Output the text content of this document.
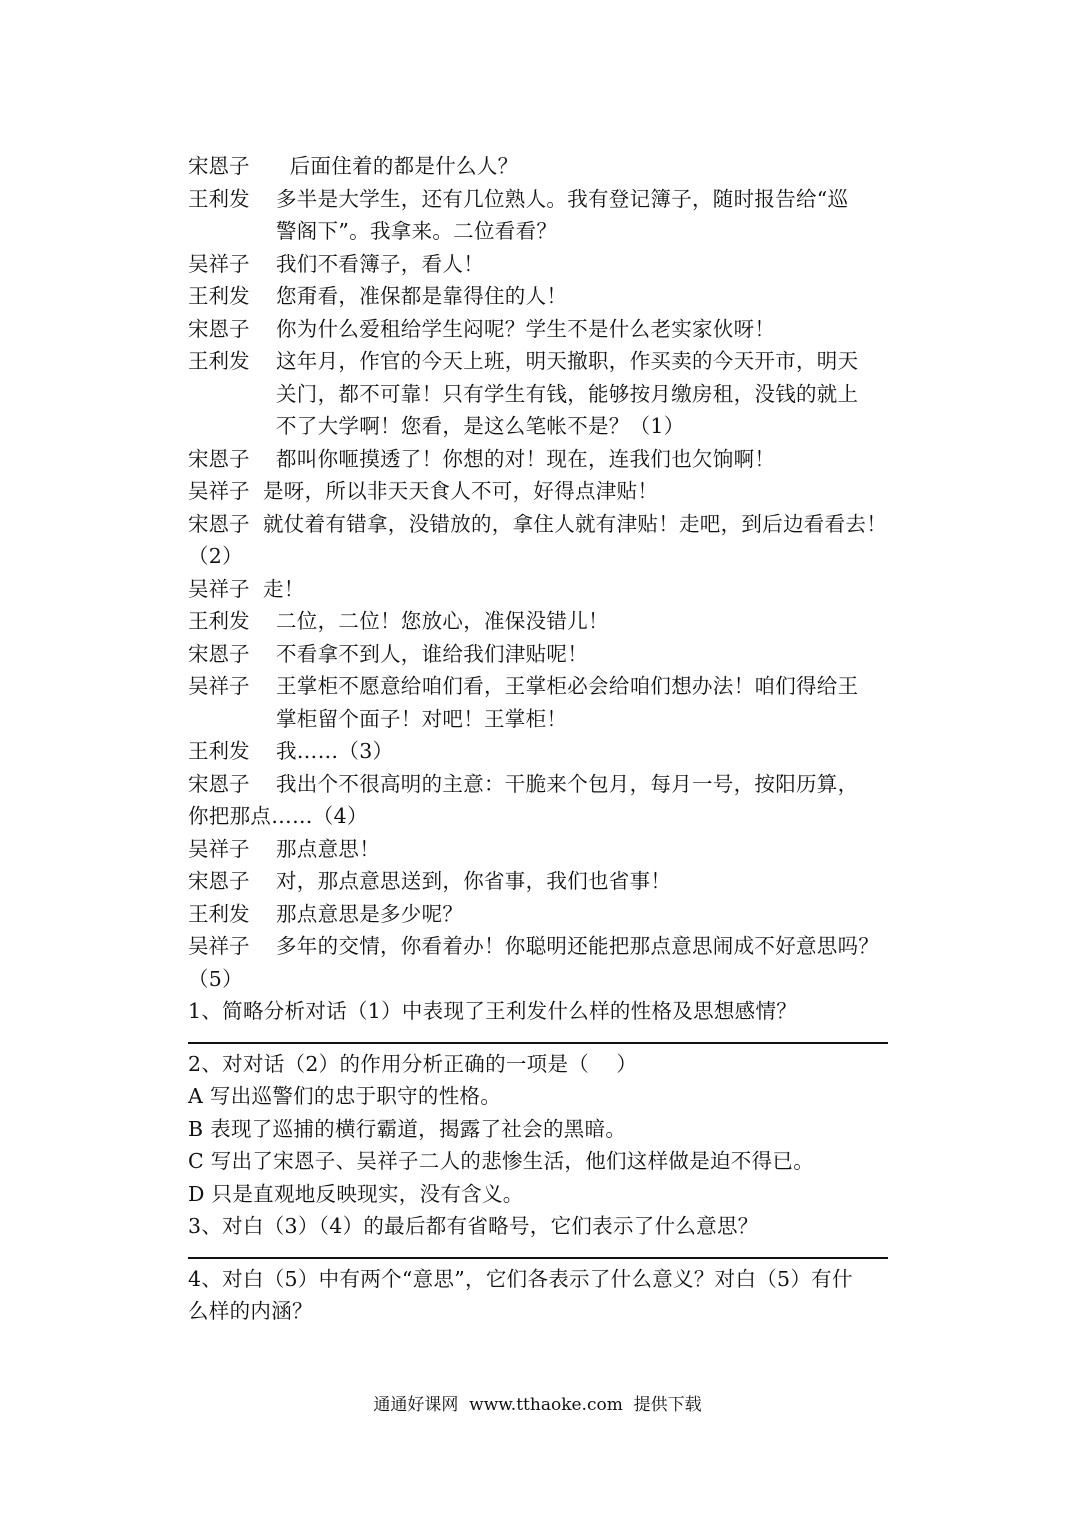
宋恩子  后面住着的都是什么人？
王利发 多半是大学生，还有几位熟人。我有登记簿子，随时报告给“巡
警阁下”。我拿来。二位看看？
吴祥子 我们不看簿子，看人！
王利发 您甭看，准保都是靠得住的人！
宋恩子 你为什么爱租给学生闷呢？学生不是什么老实家伙呀！
王利发 这年月，作官的今天上班，明天撤职，作买卖的今天开市，明天
关门，都不可靠！只有学生有钱，能够按月缴房租，没钱的就上
不了大学啊！您看，是这么笔帐不是？（1）
宋恩子 都叫你咂摸透了！你想的对！现在，连我们也欠饷啊！
吴祥子 是呀，所以非天天食人不可，好得点津贴！
宋恩子 就仗着有错拿，没错放的，拿住人就有津贴！走吧，到后边看看去！
（2）
吴祥子 走！
王利发 二位，二位！您放心，准保没错儿！
宋恩子 不看拿不到人，谁给我们津贴呢！
吴祥子 王掌柜不愿意给咱们看，王掌柜必会给咱们想办法！咱们得给王
掌柜留个面子！对吧！王掌柜！
王利发 我……（3）
宋恩子 我出个不很高明的主意：干脆来个包月，每月一号，按阳历算，
你把那点……（4）
吴祥子 那点意思！
宋恩子 对，那点意思送到，你省事，我们也省事！
王利发 那点意思是多少呢？
吴祥子 多年的交情，你看着办！你聪明还能把那点意思闹成不好意思吗？
（5）
1、简略分析对话（1）中表现了王利发什么样的性格及思想感情？
2、对对话（2）的作用分析正确的一项是（    ）
A 写出巡警们的忠于职守的性格。
B 表现了巡捕的横行霸道，揭露了社会的黑暗。
C 写出了宋恩子、吴祥子二人的悲惨生活，他们这样做是迫不得已。
D 只是直观地反映现实，没有含义。
3、对白（3）（4）的最后都有省略号，它们表示了什么意思？
4、对白（5）中有两个“意思”，它们各表示了什么意义？对白（5）有什
么样的内涵？
通通好课网  www.tthaoke.com  提供下载
